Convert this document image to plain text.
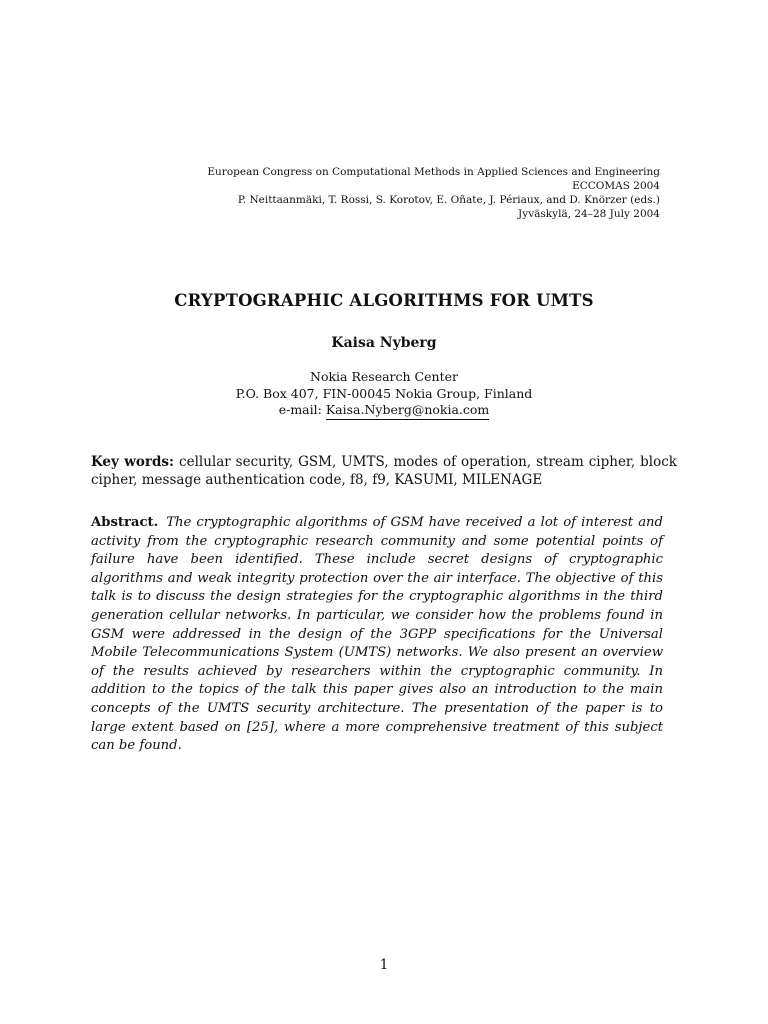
European Congress on Computational Methods in Applied Sciences and Engineering
ECCOMAS 2004
P. Neittaanmäki, T. Rossi, S. Korotov, E. Oñate, J. Périaux, and D. Knörzer (eds.)
Jyväskylä, 24–28 July 2004
CRYPTOGRAPHIC ALGORITHMS FOR UMTS
Kaisa Nyberg
Nokia Research Center
P.O. Box 407, FIN-00045 Nokia Group, Finland
e-mail: Kaisa.Nyberg@nokia.com
Key words: cellular security, GSM, UMTS, modes of operation, stream cipher, block cipher, message authentication code, f8, f9, KASUMI, MILENAGE
Abstract. The cryptographic algorithms of GSM have received a lot of interest and activity from the cryptographic research community and some potential points of failure have been identified. These include secret designs of cryptographic algorithms and weak integrity protection over the air interface. The objective of this talk is to discuss the design strategies for the cryptographic algorithms in the third generation cellular networks. In particular, we consider how the problems found in GSM were addressed in the design of the 3GPP specifications for the Universal Mobile Telecommunications System (UMTS) networks. We also present an overview of the results achieved by researchers within the cryptographic community. In addition to the topics of the talk this paper gives also an introduction to the main concepts of the UMTS security architecture. The presentation of the paper is to large extent based on [25], where a more comprehensive treatment of this subject can be found.
1
